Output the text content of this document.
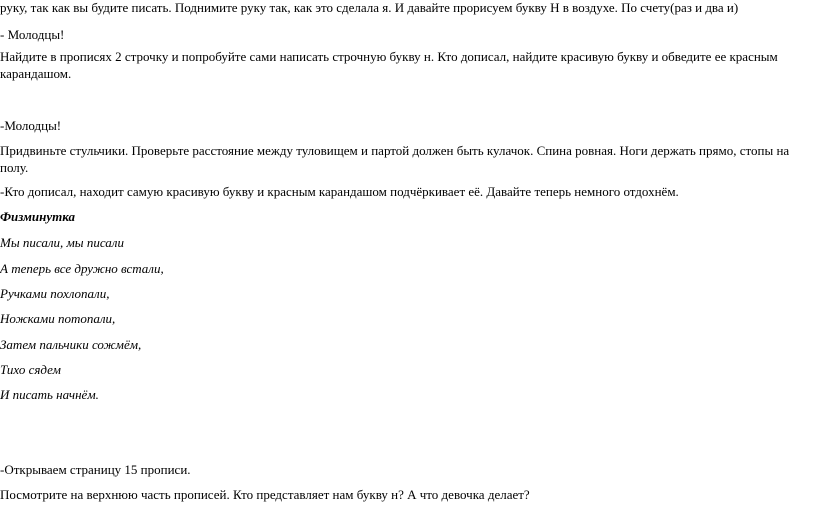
руку, так как вы будите писать. Поднимите руку так, как это сделала я. И давайте прорисуем букву Н в воздухе. По счету(раз и два и)
- Молодцы!
Найдите в прописях 2 строчку и попробуйте сами написать строчную букву н. Кто дописал, найдите красивую букву и обведите ее красным
карандашом.
-Молодцы!
Придвиньте стульчики. Проверьте расстояние между туловищем и партой должен быть кулачок. Спина ровная. Ноги держать прямо, стопы на
полу.
-Кто дописал, находит самую красивую букву и красным карандашом подчёркивает её. Давайте теперь немного отдохнём.
Физминутка
Мы писали, мы писали
А теперь все дружно встали,
Ручками похлопали,
Ножками потопали,
Затем пальчики сожмём,
Тихо сядем
И писать начнём.
-Открываем страницу 15 прописи.
Посмотрите на верхнюю часть прописей. Кто представляет нам букву н? А что девочка делает?
